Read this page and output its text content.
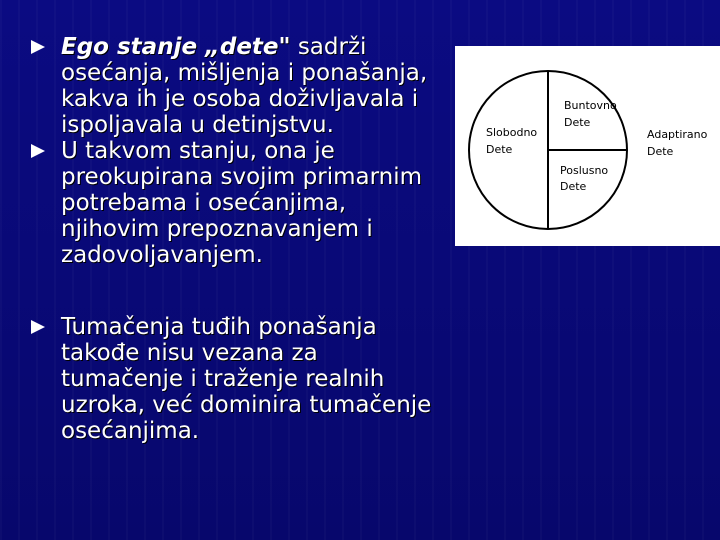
Ego stanje „dete" sadrži osećanja, mišljenja i ponašanja, kakva ih je osoba doživljavala i ispoljavala u detinjstvu.
U takvom stanju, ona je preokupirana svojim primarnim potrebama i osećanjima, njihovim prepoznavanjem i zadovoljavanjem.
Tumačenja tuđih ponašanja takođe nisu vezana za tumačenje i traženje realnih uzroka, već dominira tumačenje osećanjima.
Slobodno
Dete
Buntovno
Dete
Poslusno
Dete
Adaptirano
Dete
